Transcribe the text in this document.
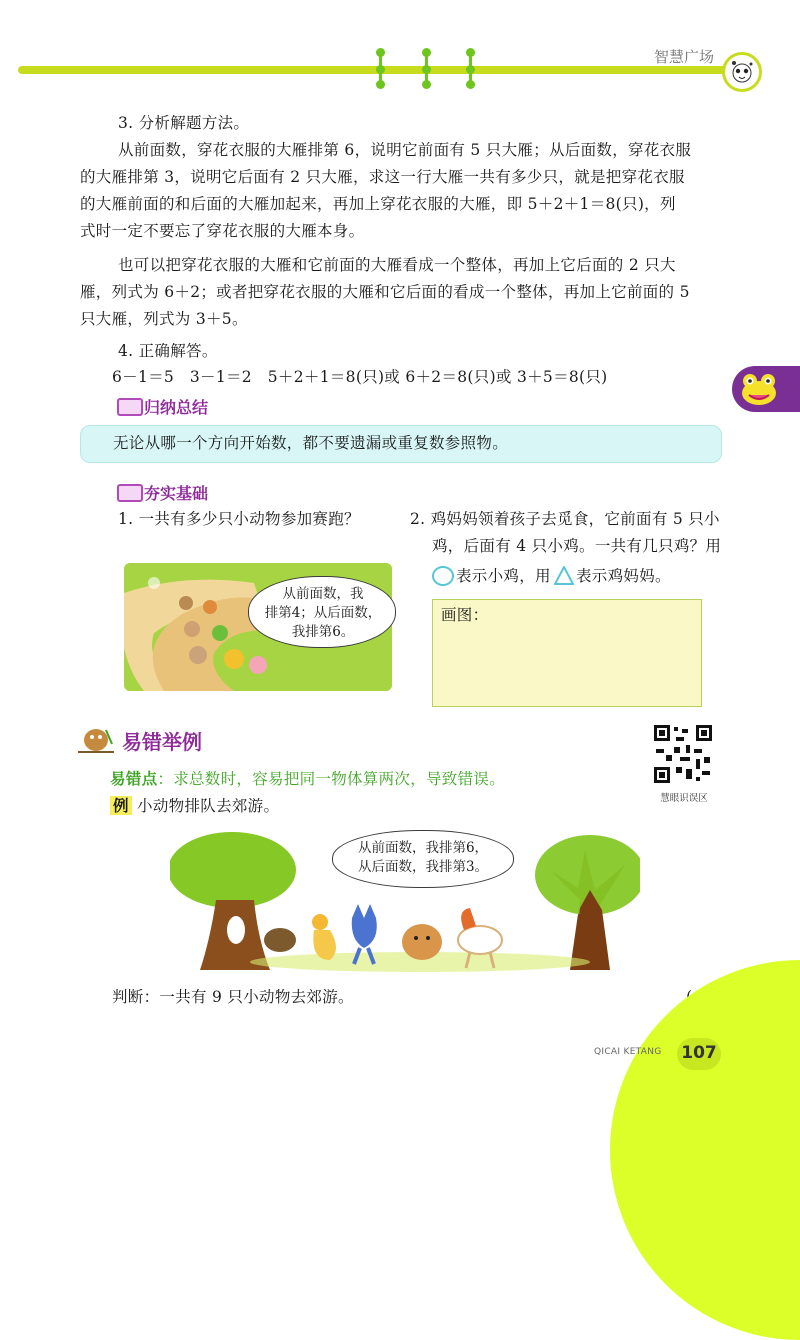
智慧广场
3. 分析解题方法。
从前面数，穿花衣服的大雁排第 6，说明它前面有 5 只大雁；从后面数，穿花衣服
的大雁排第 3，说明它后面有 2 只大雁，求这一行大雁一共有多少只，就是把穿花衣服
的大雁前面的和后面的大雁加起来，再加上穿花衣服的大雁，即 5＋2＋1＝8(只)，列
式时一定不要忘了穿花衣服的大雁本身。
也可以把穿花衣服的大雁和它前面的大雁看成一个整体，再加上它后面的 2 只大
雁，列式为 6＋2；或者把穿花衣服的大雁和它后面的看成一个整体，再加上它前面的 5
只大雁，列式为 3＋5。
4. 正确解答。
6－1＝5　3－1＝2　5＋2＋1＝8(只)或 6＋2＝8(只)或 3＋5＝8(只)
归纳总结
无论从哪一个方向开始数，都不要遗漏或重复数参照物。
夯实基础
1. 一共有多少只小动物参加赛跑？
从前面数，我
排第4；从后面数，
我排第6。
2. 鸡妈妈领着孩子去觅食，它前面有 5 只小
鸡，后面有 4 只小鸡。一共有几只鸡？用
表示小鸡，用 表示鸡妈妈。
画图：
易错举例
易错点：求总数时，容易把同一物体算两次，导致错误。
例 小动物排队去郊游。	慧眼识误区
从前面数，我排第6，
从后面数，我排第3。
判断：一共有 9 只小动物去郊游。
QICAI KETANG 107
